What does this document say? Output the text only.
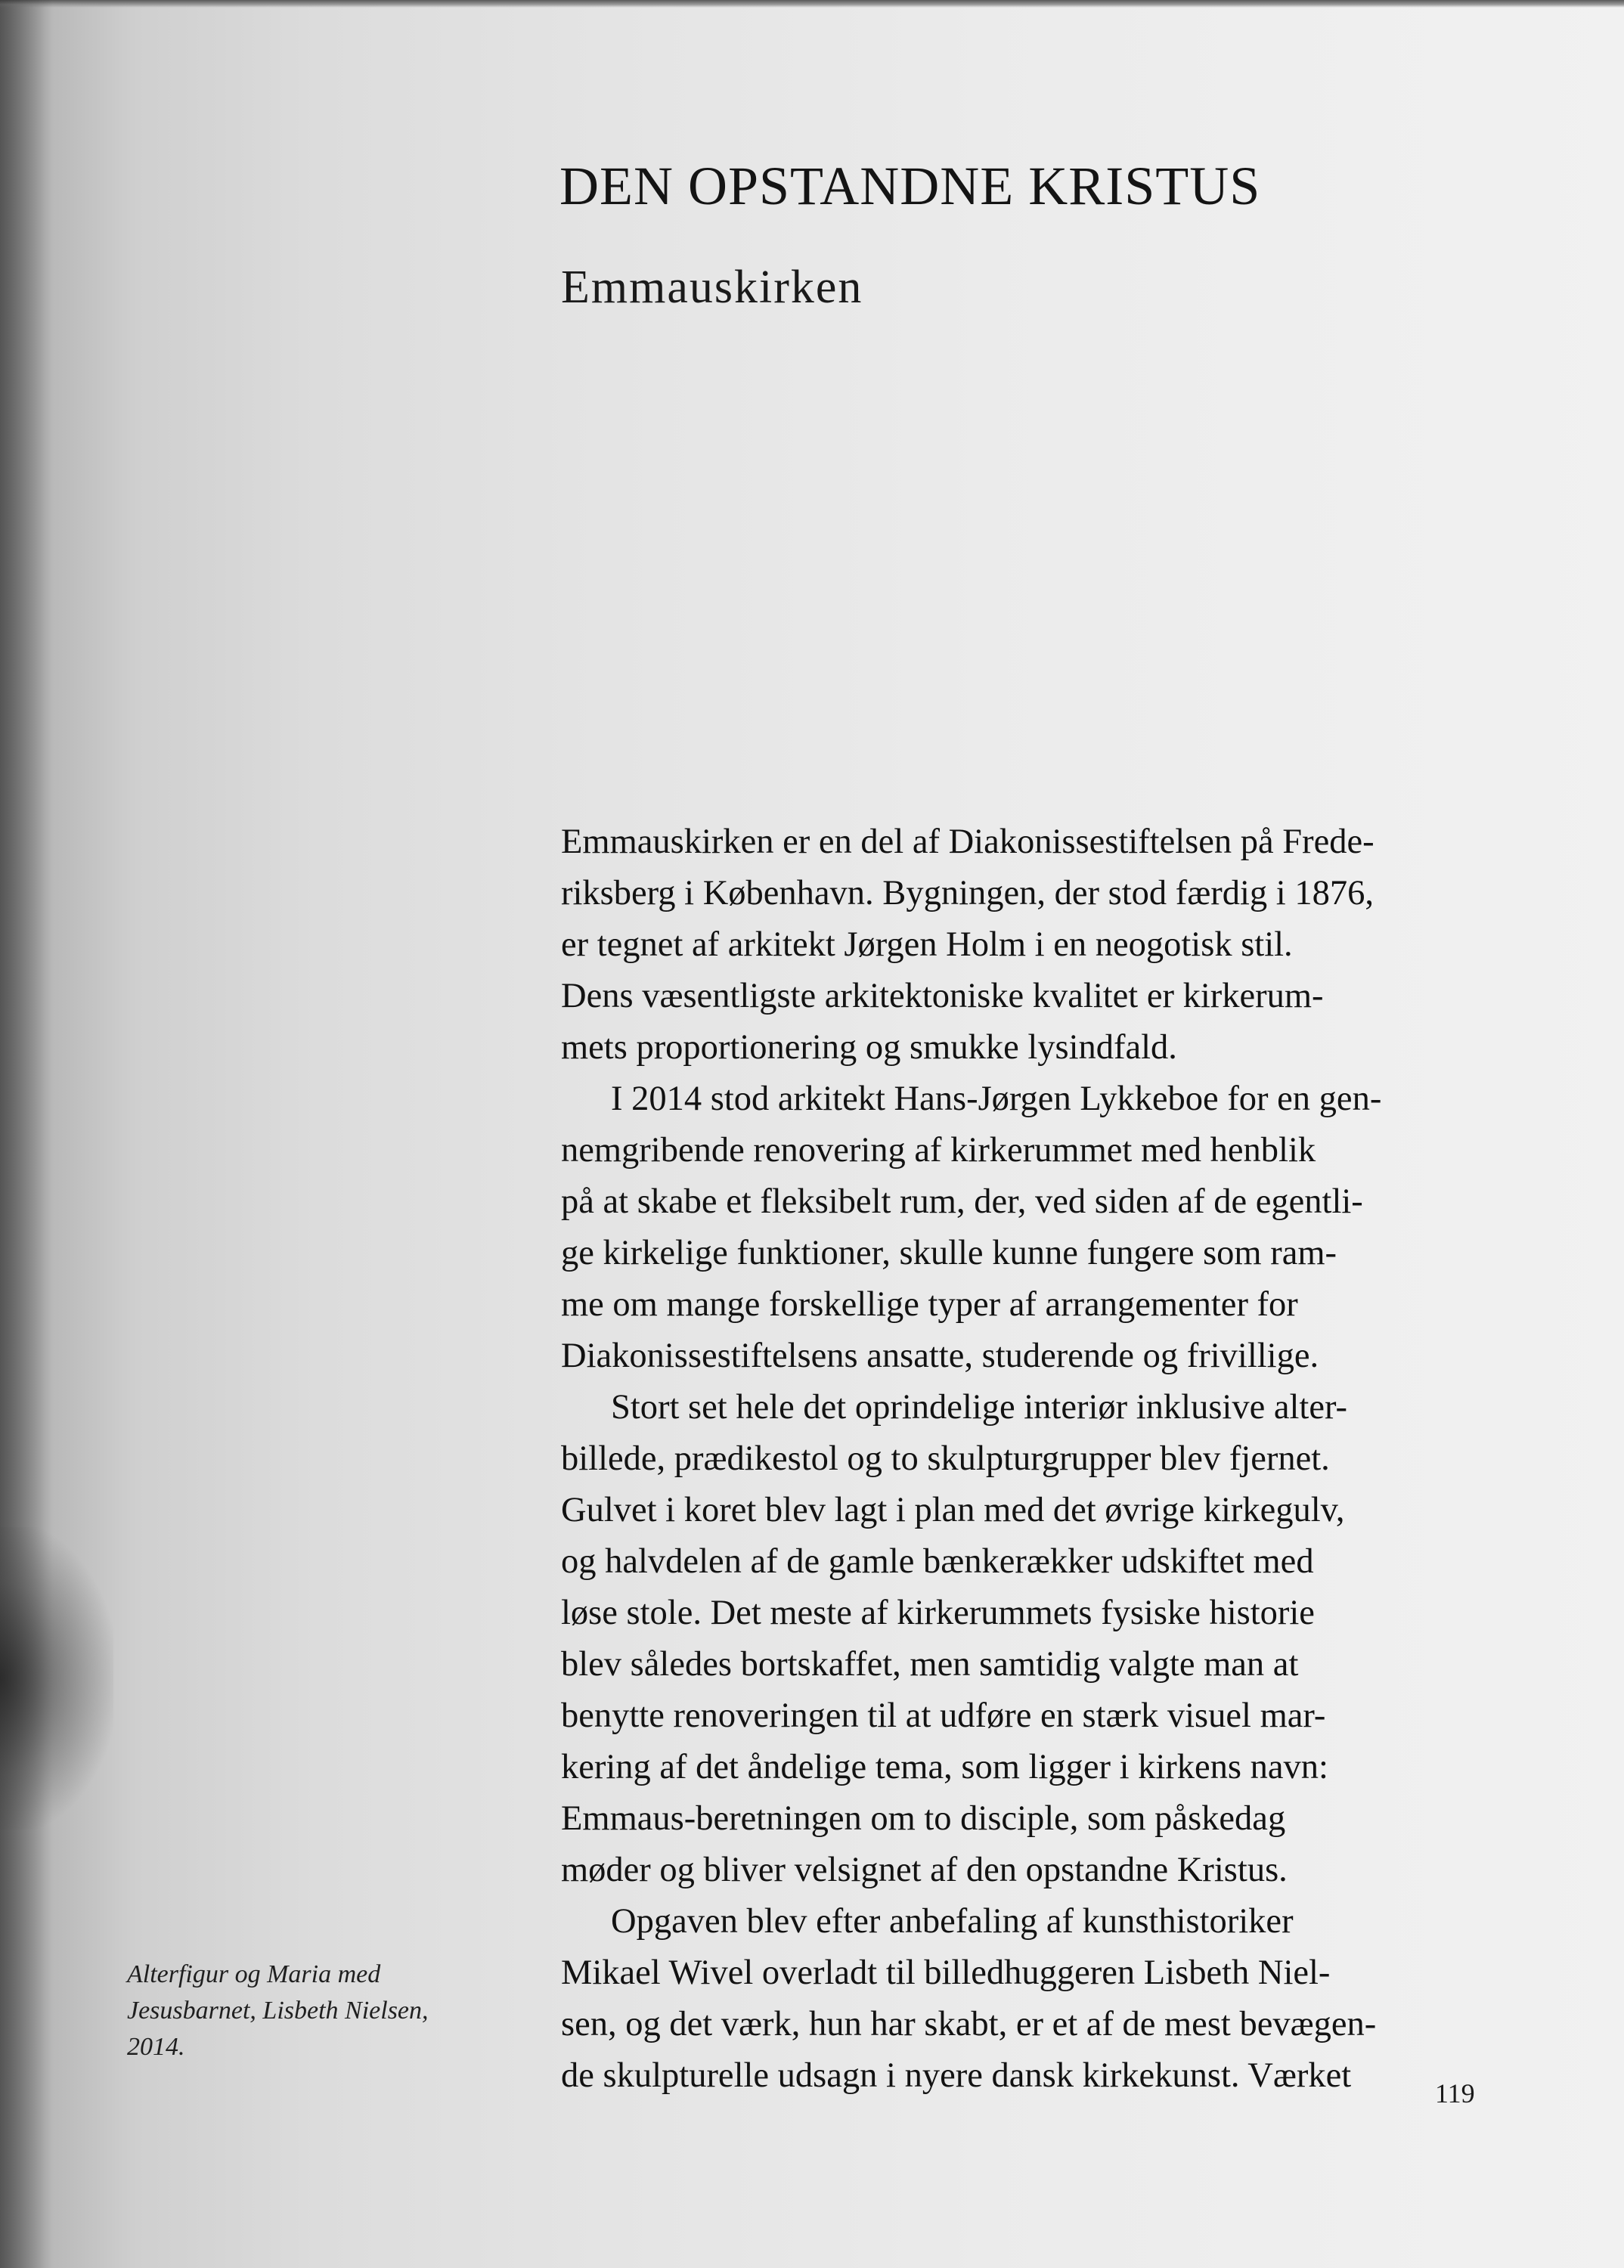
DEN OPSTANDNE KRISTUS
Emmauskirken
Emmauskirken er en del af Diakonissestiftelsen på Frede-
riksberg i København. Bygningen, der stod færdig i 1876,
er tegnet af arkitekt Jørgen Holm i en neogotisk stil.
Dens væsentligste arkitektoniske kvalitet er kirkerum-
mets proportionering og smukke lysindfald.
I 2014 stod arkitekt Hans-Jørgen Lykkeboe for en gen-
nemgribende renovering af kirkerummet med henblik
på at skabe et fleksibelt rum, der, ved siden af de egentli-
ge kirkelige funktioner, skulle kunne fungere som ram-
me om mange forskellige typer af arrangementer for
Diakonissestiftelsens ansatte, studerende og frivillige.
Stort set hele det oprindelige interiør inklusive alter-
billede, prædikestol og to skulpturgrupper blev fjernet.
Gulvet i koret blev lagt i plan med det øvrige kirkegulv,
og halvdelen af de gamle bænkerækker udskiftet med
løse stole. Det meste af kirkerummets fysiske historie
blev således bortskaffet, men samtidig valgte man at
benytte renoveringen til at udføre en stærk visuel mar-
kering af det åndelige tema, som ligger i kirkens navn:
Emmaus-beretningen om to disciple, som påskedag
møder og bliver velsignet af den opstandne Kristus.
Opgaven blev efter anbefaling af kunsthistoriker
Mikael Wivel overladt til billedhuggeren Lisbeth Niel-
sen, og det værk, hun har skabt, er et af de mest bevægen-
de skulpturelle udsagn i nyere dansk kirkekunst. Værket
Alterfigur og Maria med
Jesusbarnet, Lisbeth Nielsen,
2014.
119
